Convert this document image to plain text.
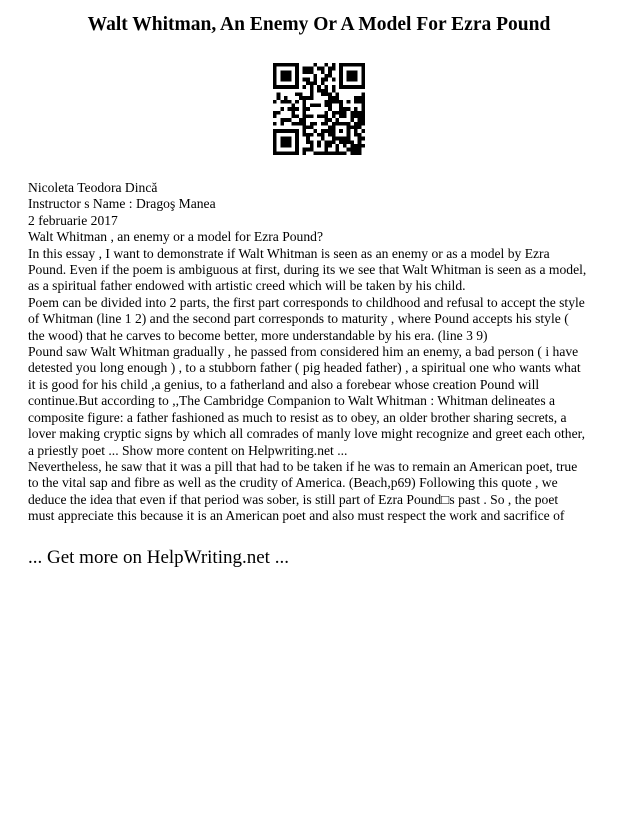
Walt Whitman, An Enemy Or A Model For Ezra Pound
Nicoleta Teodora Dincă
Instructor s Name : Dragoş Manea
2 februarie 2017
Walt Whitman , an enemy or a model for Ezra Pound?
In this essay , I want to demonstrate if Walt Whitman is seen as an enemy or as a model by Ezra
Pound. Even if the poem is ambiguous at first, during its we see that Walt Whitman is seen as a model,
as a spiritual father endowed with artistic creed which will be taken by his child.
Poem can be divided into 2 parts, the first part corresponds to childhood and refusal to accept the style
of Whitman (line 1 2) and the second part corresponds to maturity , where Pound accepts his style (
the wood) that he carves to become better, more understandable by his era. (line 3 9)
Pound saw Walt Whitman gradually , he passed from considered him an enemy, a bad person ( i have
detested you long enough ) , to a stubborn father ( pig headed father) , a spiritual one who wants what
it is good for his child ,a genius, to a fatherland and also a forebear whose creation Pound will
continue.But according to ,,The Cambridge Companion to Walt Whitman : Whitman delineates a
composite figure: a father fashioned as much to resist as to obey, an older brother sharing secrets, a
lover making cryptic signs by which all comrades of manly love might recognize and greet each other,
a priestly poet ... Show more content on Helpwriting.net ...
Nevertheless, he saw that it was a pill that had to be taken if he was to remain an American poet, true
to the vital sap and fibre as well as the crudity of America. (Beach,p69) Following this quote , we
deduce the idea that even if that period was sober, is still part of Ezra Pound□s past . So , the poet
must appreciate this because it is an American poet and also must respect the work and sacrifice of
... Get more on HelpWriting.net ...
